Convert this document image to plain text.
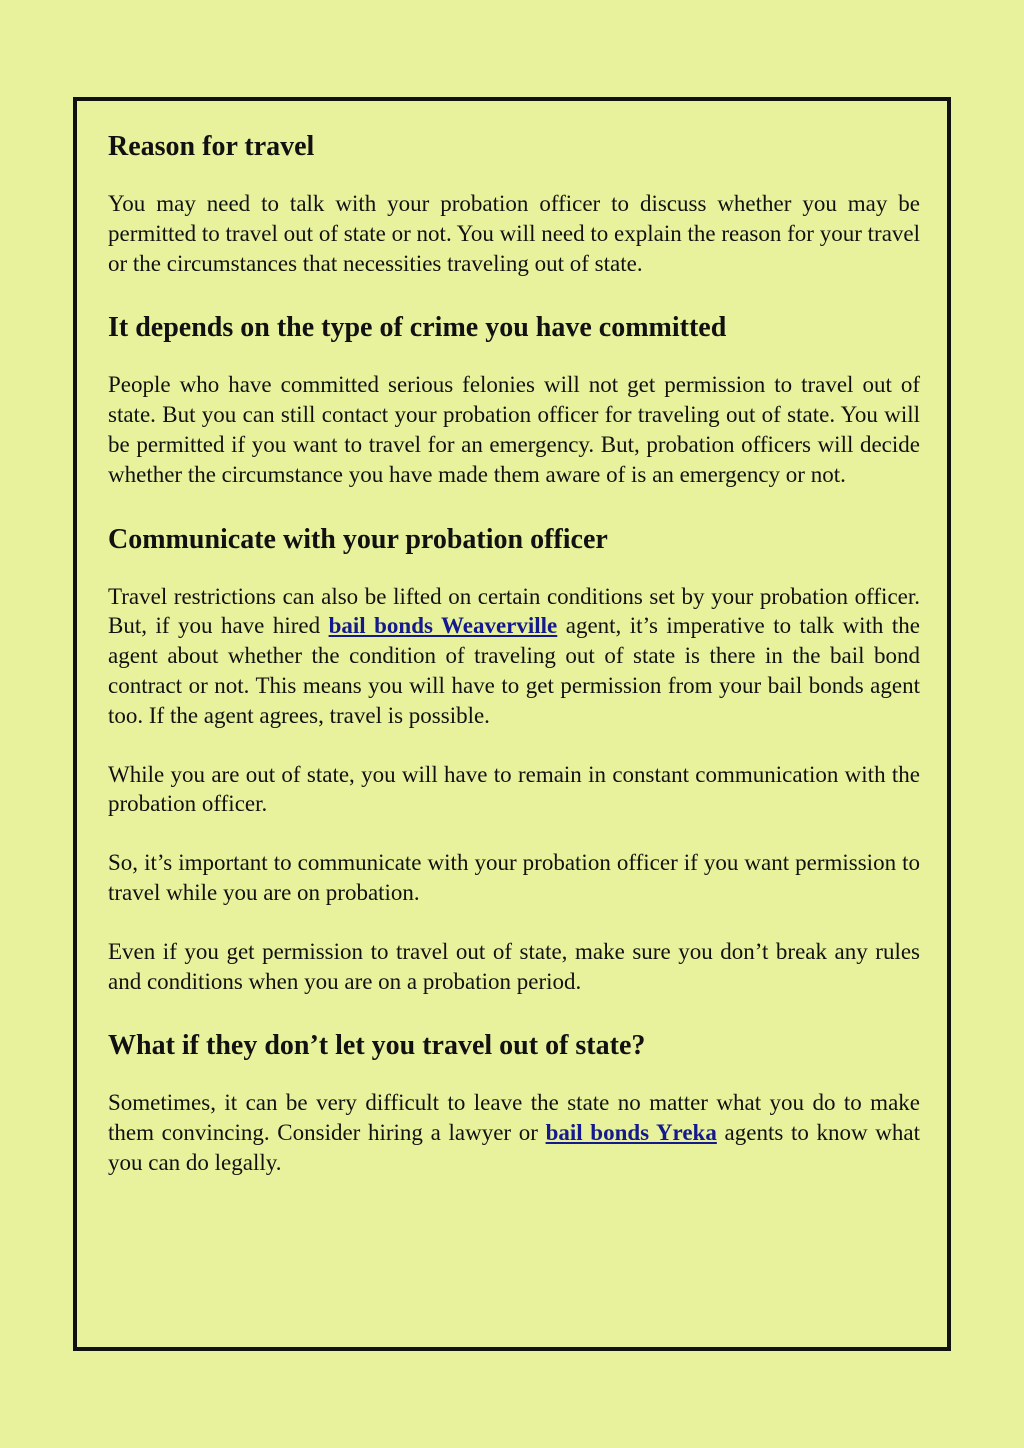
Reason for travel

You may need to talk with your probation officer to discuss whether you may be permitted to travel out of state or not. You will need to explain the reason for your travel or the circumstances that necessities traveling out of state.

It depends on the type of crime you have committed

People who have committed serious felonies will not get permission to travel out of state. But you can still contact your probation officer for traveling out of state. You will be permitted if you want to travel for an emergency. But, probation officers will decide whether the circumstance you have made them aware of is an emergency or not.

Communicate with your probation officer

Travel restrictions can also be lifted on certain conditions set by your probation officer. But, if you have hired bail bonds Weaverville agent, it’s imperative to talk with the agent about whether the condition of traveling out of state is there in the bail bond contract or not. This means you will have to get permission from your bail bonds agent too. If the agent agrees, travel is possible.

While you are out of state, you will have to remain in constant communication with the probation officer.

So, it’s important to communicate with your probation officer if you want permission to travel while you are on probation.

Even if you get permission to travel out of state, make sure you don’t break any rules and conditions when you are on a probation period.

What if they don’t let you travel out of state?

Sometimes, it can be very difficult to leave the state no matter what you do to make them convincing. Consider hiring a lawyer or bail bonds Yreka agents to know what you can do legally.
